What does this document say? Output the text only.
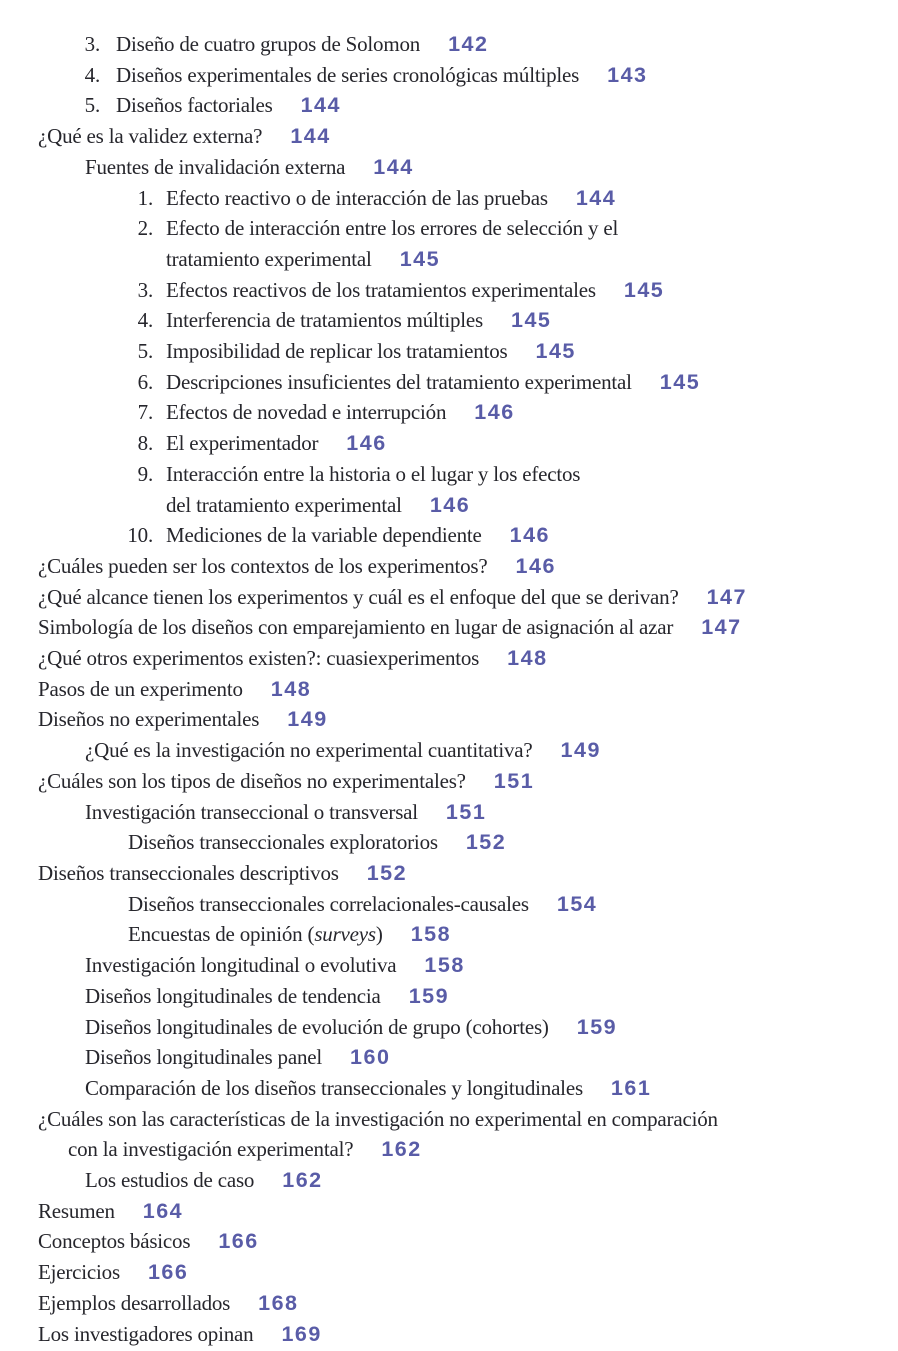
3. Diseño de cuatro grupos de Solomon 142
4. Diseños experimentales de series cronológicas múltiples 143
5. Diseños factoriales 144
¿Qué es la validez externa? 144
Fuentes de invalidación externa 144
1. Efecto reactivo o de interacción de las pruebas 144
2. Efecto de interacción entre los errores de selección y el
tratamiento experimental 145
3. Efectos reactivos de los tratamientos experimentales 145
4. Interferencia de tratamientos múltiples 145
5. Imposibilidad de replicar los tratamientos 145
6. Descripciones insuficientes del tratamiento experimental 145
7. Efectos de novedad e interrupción 146
8. El experimentador 146
9. Interacción entre la historia o el lugar y los efectos
del tratamiento experimental 146
10. Mediciones de la variable dependiente 146
¿Cuáles pueden ser los contextos de los experimentos? 146
¿Qué alcance tienen los experimentos y cuál es el enfoque del que se derivan? 147
Simbología de los diseños con emparejamiento en lugar de asignación al azar 147
¿Qué otros experimentos existen?: cuasiexperimentos 148
Pasos de un experimento 148
Diseños no experimentales 149
¿Qué es la investigación no experimental cuantitativa? 149
¿Cuáles son los tipos de diseños no experimentales? 151
Investigación transeccional o transversal 151
Diseños transeccionales exploratorios 152
Diseños transeccionales descriptivos 152
Diseños transeccionales correlacionales-causales 154
Encuestas de opinión (surveys) 158
Investigación longitudinal o evolutiva 158
Diseños longitudinales de tendencia 159
Diseños longitudinales de evolución de grupo (cohortes) 159
Diseños longitudinales panel 160
Comparación de los diseños transeccionales y longitudinales 161
¿Cuáles son las características de la investigación no experimental en comparación
con la investigación experimental? 162
Los estudios de caso 162
Resumen 164
Conceptos básicos 166
Ejercicios 166
Ejemplos desarrollados 168
Los investigadores opinan 169
